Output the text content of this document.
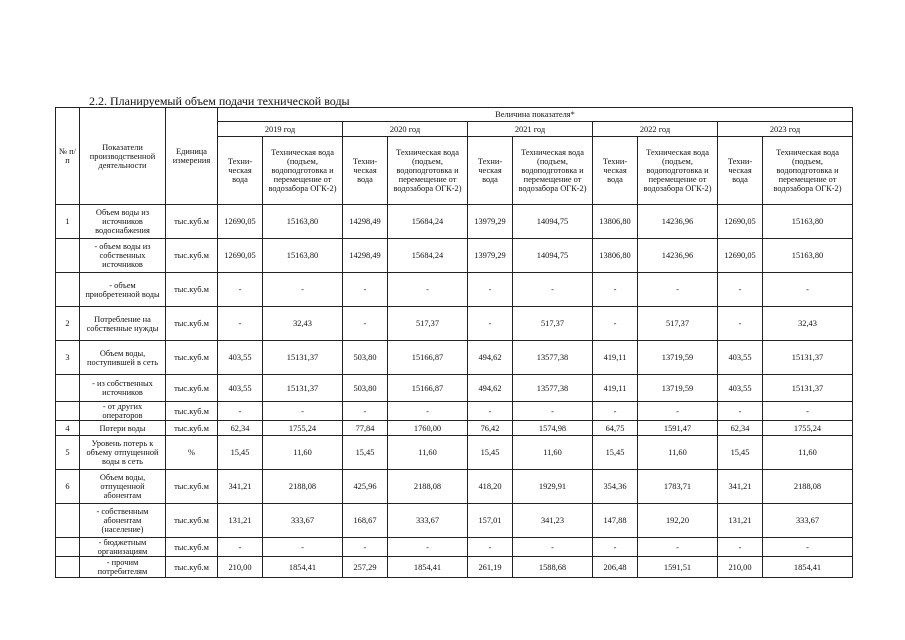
2.2. Планируемый объем подачи технической воды
№ п/п	Показатели производственной деятельности	Единица измерения	Величина показателя*									
			2019 год		2020 год		2021 год		2022 год		2023 год	
			Техни-ческая вода	Техническая вода (подъем, водоподготовка и перемещение от водозабора ОГК-2)	Техни-ческая вода	Техническая вода (подъем, водоподготовка и перемещение от водозабора ОГК-2)	Техни-ческая вода	Техническая вода (подъем, водоподготовка и перемещение от водозабора ОГК-2)	Техни-ческая вода	Техническая вода (подъем, водоподготовка и перемещение от водозабора ОГК-2)	Техни-ческая вода	Техническая вода (подъем, водоподготовка и перемещение от водозабора ОГК-2)
1	Объем воды из источников водоснабжения	тыс.куб.м	12690,05	15163,80	14298,49	15684,24	13979,29	14094,75	13806,80	14236,96	12690,05	15163,80
	- объем воды из собственных источников	тыс.куб.м	12690,05	15163,80	14298,49	15684,24	13979,29	14094,75	13806,80	14236,96	12690,05	15163,80
	- объем приобретенной воды	тыс.куб.м	-	-	-	-	-	-	-	-	-	-
2	Потребление на собственные нужды	тыс.куб.м	-	32,43	-	517,37	-	517,37	-	517,37	-	32,43
3	Объем воды, поступившей в сеть	тыс.куб.м	403,55	15131,37	503,80	15166,87	494,62	13577,38	419,11	13719,59	403,55	15131,37
	- из собственных источников	тыс.куб.м	403,55	15131,37	503,80	15166,87	494,62	13577,38	419,11	13719,59	403,55	15131,37
	- от других операторов	тыс.куб.м	-	-	-	-	-	-	-	-	-	-
4	Потери воды	тыс.куб.м	62,34	1755,24	77,84	1760,00	76,42	1574,98	64,75	1591,47	62,34	1755,24
5	Уровень потерь к объему отпущенной воды в сеть	%	15,45	11,60	15,45	11,60	15,45	11,60	15,45	11,60	15,45	11,60
6	Объем воды, отпущенной абонентам	тыс.куб.м	341,21	2188,08	425,96	2188,08	418,20	1929,91	354,36	1783,71	341,21	2188,08
	- собственным абонентам (население)	тыс.куб.м	131,21	333,67	168,67	333,67	157,01	341,23	147,88	192,20	131,21	333,67
	- бюджетным организациям	тыс.куб.м	-	-	-	-	-	-	-	-	-	-
	- прочим потребителям	тыс.куб.м	210,00	1854,41	257,29	1854,41	261,19	1588,68	206,48	1591,51	210,00	1854,41
